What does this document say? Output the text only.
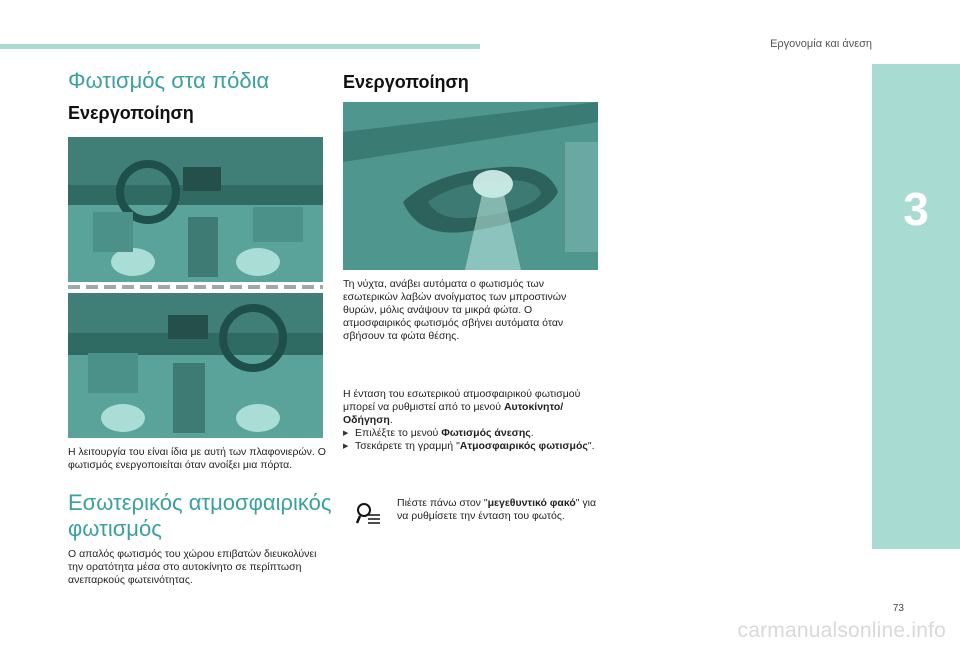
Εργονομία και άνεση
3
Φωτισμός στα πόδια
Ενεργοποίηση
Η λειτουργία του είναι ίδια με αυτή των πλαφονιερών. Ο φωτισμός ενεργοποιείται όταν ανοίξει μια πόρτα.
Εσωτερικός ατμοσφαιρικός
φωτισμός
Ο απαλός φωτισμός του χώρου επιβατών διευκολύνει την ορατότητα μέσα στο αυτοκίνητο σε περίπτωση ανεπαρκούς φωτεινότητας.
Ενεργοποίηση
Τη νύχτα, ανάβει αυτόματα ο φωτισμός των εσωτερικών λαβών ανοίγματος των μπροστινών θυρών, μόλις ανάψουν τα μικρά φώτα. Ο ατμοσφαιρικός φωτισμός σβήνει αυτόματα όταν σβήσουν τα φώτα θέσης.
Η ένταση του εσωτερικού ατμοσφαιρικού φωτισμού μπορεί να ρυθμιστεί από το μενού Αυτοκίνητο/ Οδήγηση.
▶ Επιλέξτε το μενού Φωτισμός άνεσης.
▶ Τσεκάρετε τη γραμμή "Ατμοσφαιρικός φωτισμός".
Πιέστε πάνω στον "μεγεθυντικό φακό" για να ρυθμίσετε την ένταση του φωτός.
73
carmanualsonline.info
